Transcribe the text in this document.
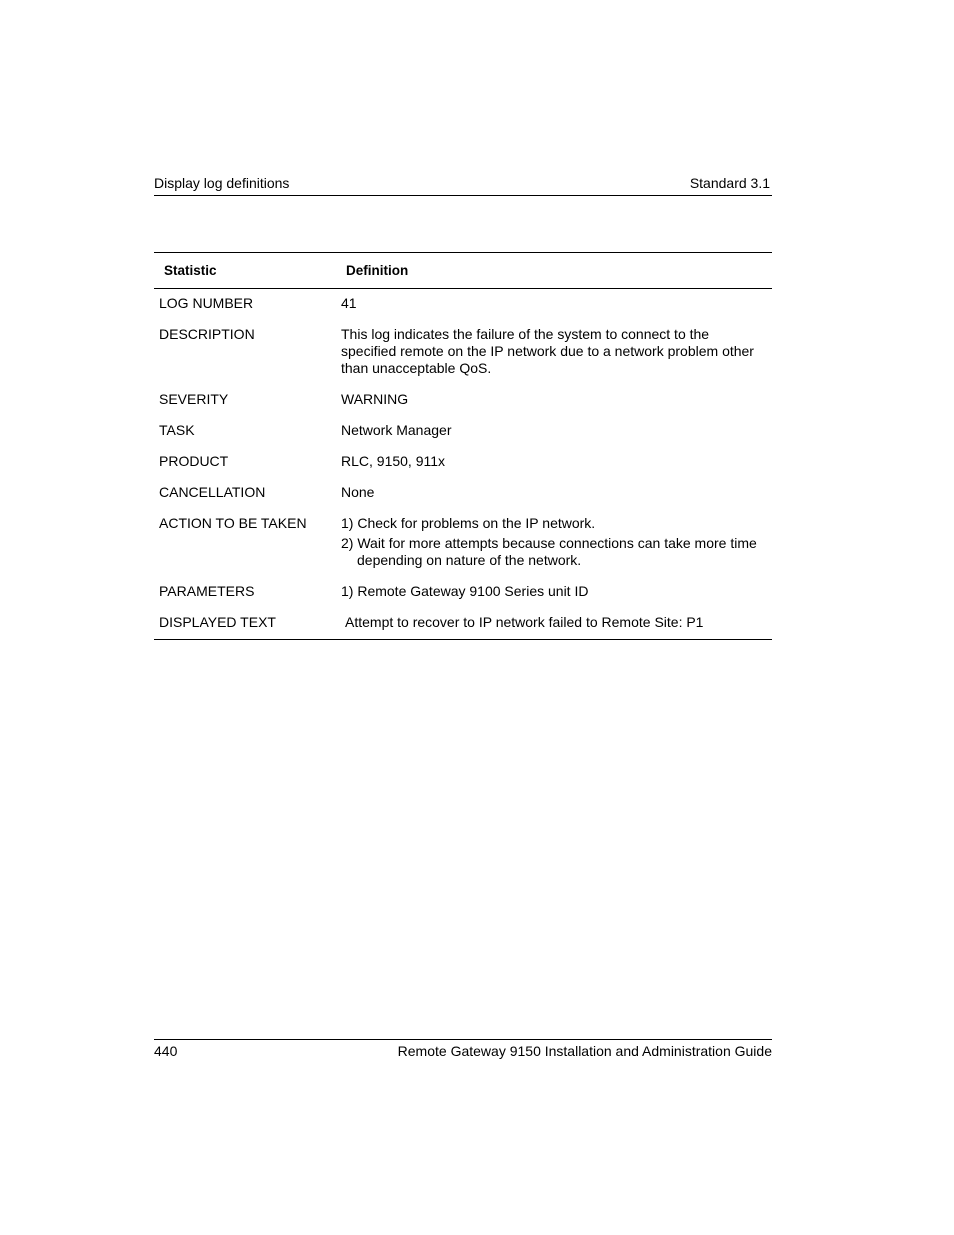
Display log definitions	Standard 3.1
Statistic	Definition
LOG NUMBER	41
DESCRIPTION	This log indicates the failure of the system to connect to the specified remote on the IP network due to a network problem other than unacceptable QoS.
SEVERITY	WARNING
TASK	Network Manager
PRODUCT	RLC, 9150, 911x
CANCELLATION	None
ACTION TO BE TAKEN	1) Check for problems on the IP network.
2) Wait for more attempts because connections can take more time depending on nature of the network.
PARAMETERS	1) Remote Gateway 9100 Series unit ID
DISPLAYED TEXT	Attempt to recover to IP network failed to Remote Site: P1
440	Remote Gateway 9150 Installation and Administration Guide
